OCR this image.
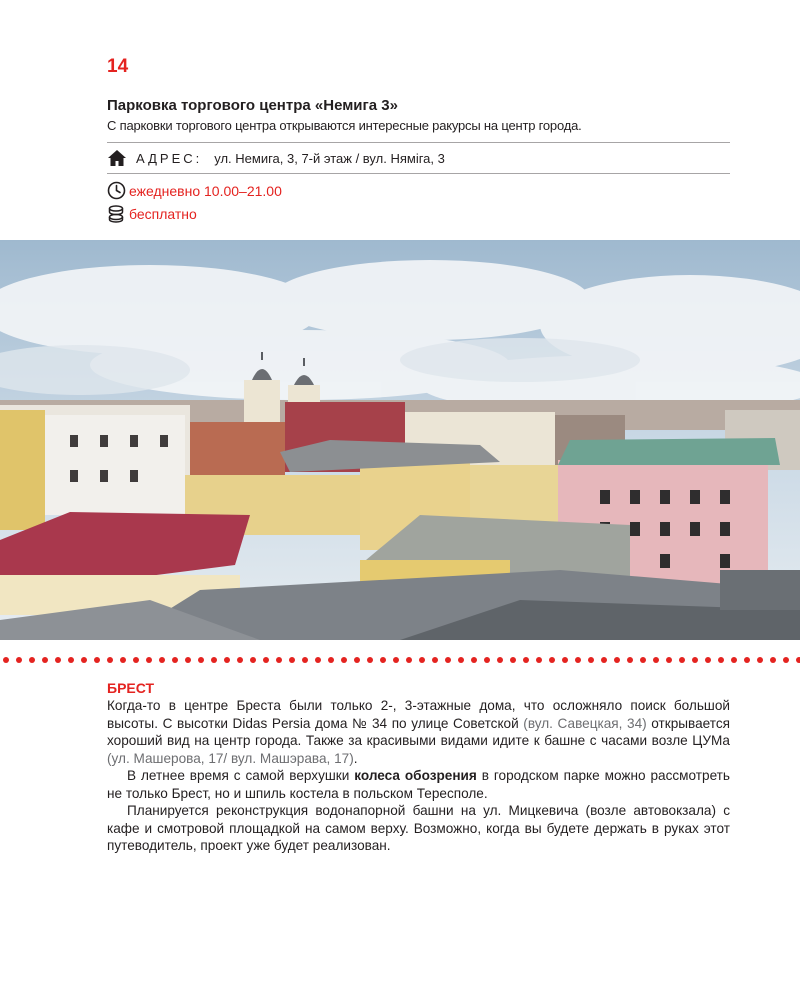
14
Парковка торгового центра «Немига 3»
С парковки торгового центра открываются интересные ракурсы на центр города.
АДРЕС: ул. Немига, 3, 7-й этаж / вул. Няміга, 3
ежедневно 10.00–21.00
бесплатно
БРЕСТ

Когда-то в центре Бреста были только 2-, 3-этажные дома, что осложняло поиск большой высоты. С высотки Didas Persia дома № 34 по улице Советской (вул. Савецкая, 34) открывается хороший вид на центр города. Также за красивыми видами идите к башне с часами возле ЦУМа (ул. Машерова, 17/ вул. Машэрава, 17).

В летнее время с самой верхушки колеса обозрения в городском парке можно рассмотреть не только Брест, но и шпиль костела в польском Тересполе.

Планируется реконструкция водонапорной башни на ул. Мицкевича (возле автовокзала) с кафе и смотровой площадкой на самом верху. Возможно, когда вы будете держать в руках этот путеводитель, проект уже будет реализован.
